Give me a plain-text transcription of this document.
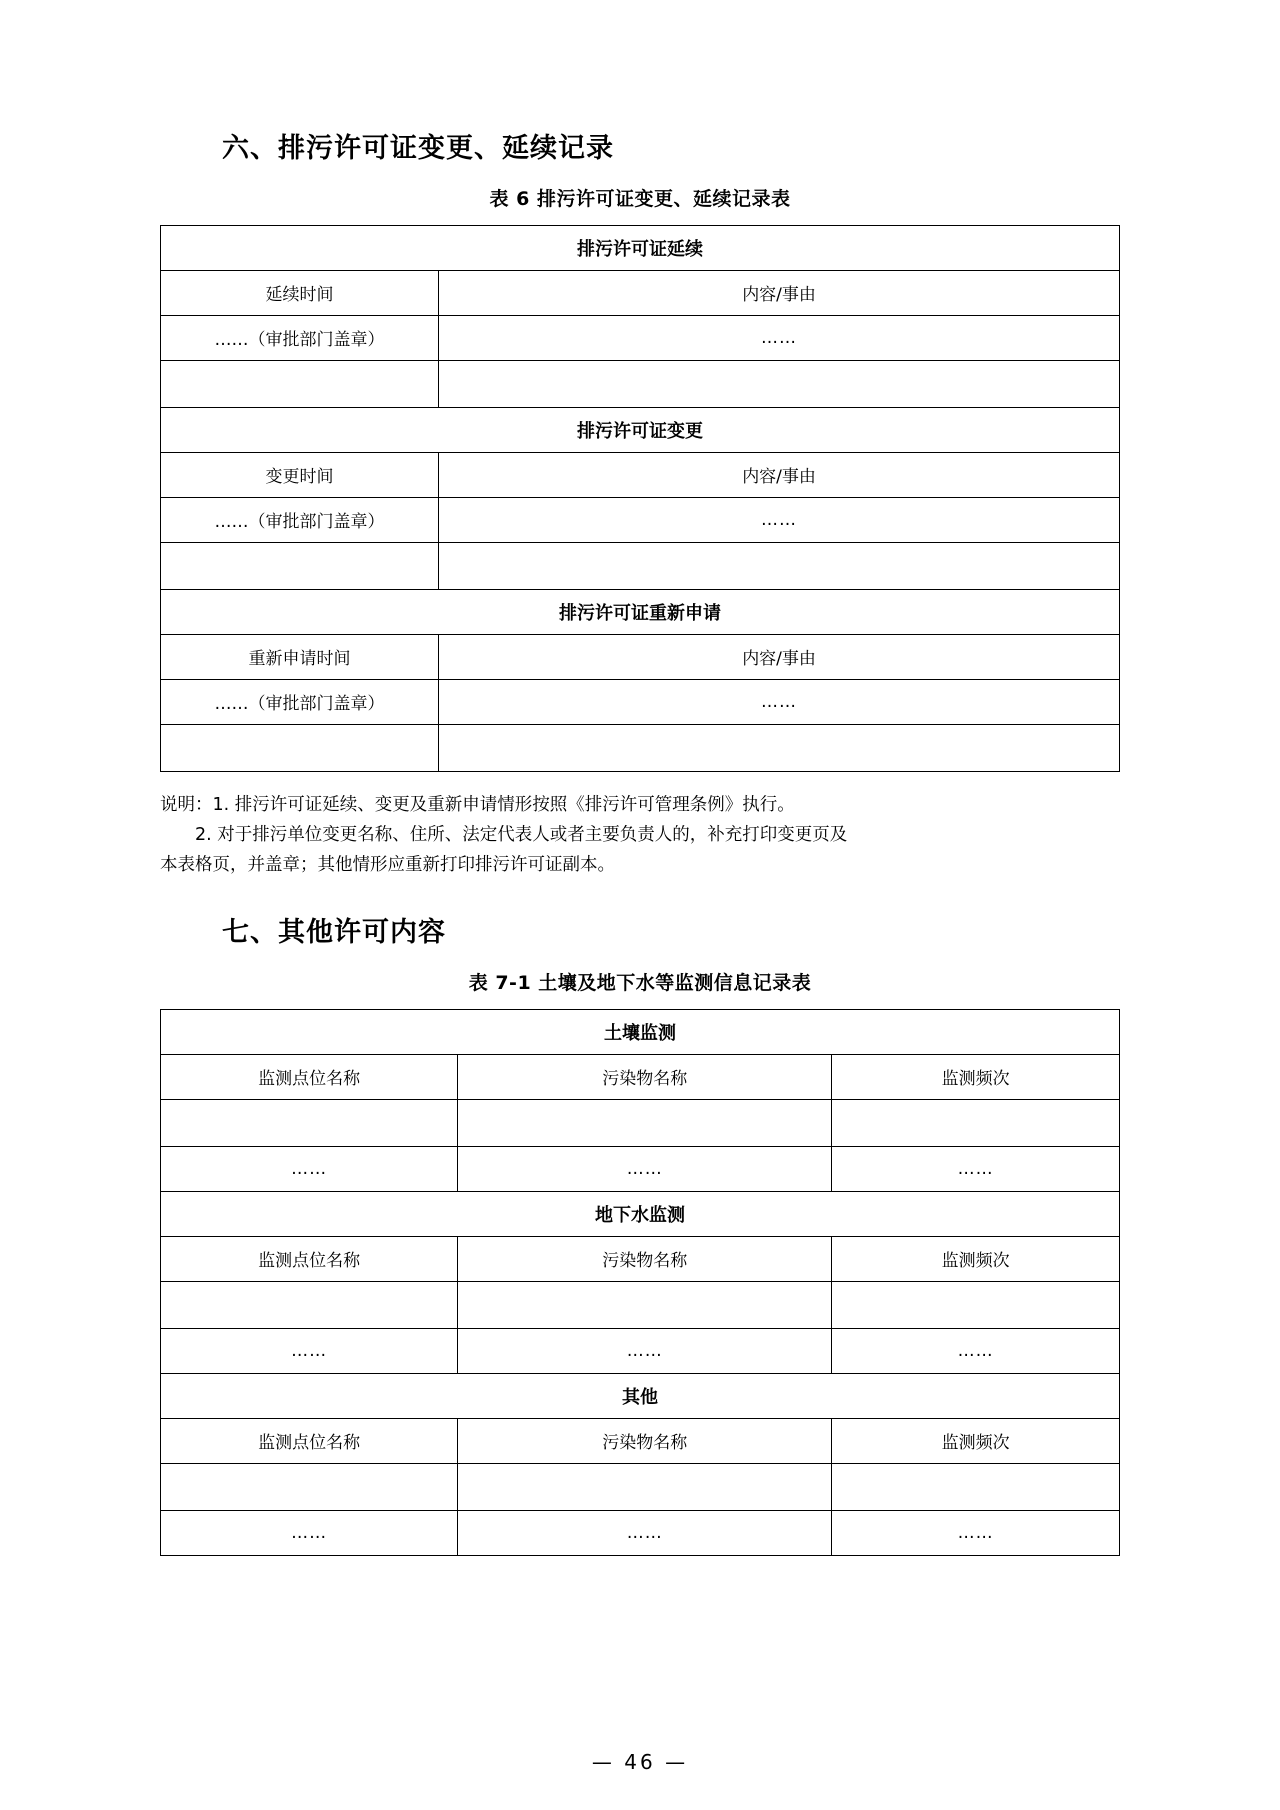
六、排污许可证变更、延续记录
表 6 排污许可证变更、延续记录表
排污许可证延续	
延续时间	内容/事由
……（审批部门盖章）	……

排污许可证变更	
变更时间	内容/事由
……（审批部门盖章）	……

排污许可证重新申请	
重新申请时间	内容/事由
……（审批部门盖章）	……

说明：1. 排污许可证延续、变更及重新申请情形按照《排污许可管理条例》执行。
2. 对于排污单位变更名称、住所、法定代表人或者主要负责人的，补充打印变更页及
本表格页，并盖章；其他情形应重新打印排污许可证副本。
七、其他许可内容
表 7-1 土壤及地下水等监测信息记录表
土壤监测		
监测点位名称	污染物名称	监测频次

……	……	……
地下水监测		
监测点位名称	污染物名称	监测频次

……	……	……
其他		
监测点位名称	污染物名称	监测频次

……	……	……
— 46 —
